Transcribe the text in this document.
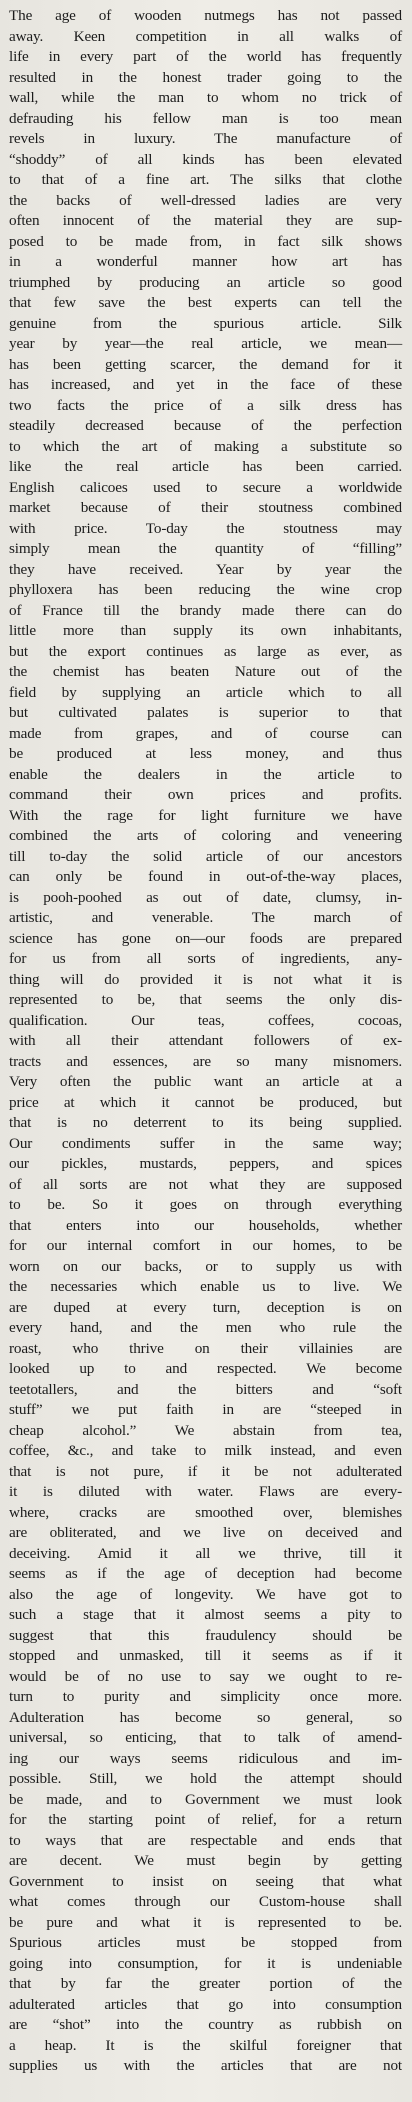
The age of wooden nutmegs has not passed
away. Keen competition in all walks of
life in every part of the world has frequently
resulted in the honest trader going to the
wall, while the man to whom no trick of
defrauding his fellow man is too mean
revels in luxury. The manufacture of
“shoddy” of all kinds has been elevated
to that of a fine art. The silks that clothe
the backs of well-dressed ladies are very
often innocent of the material they are sup-
posed to be made from, in fact silk shows
in a wonderful manner how art has
triumphed by producing an article so good
that few save the best experts can tell the
genuine from the spurious article. Silk
year by year—the real article, we mean—
has been getting scarcer, the demand for it
has increased, and yet in the face of these
two facts the price of a silk dress has
steadily decreased because of the perfection
to which the art of making a substitute so
like the real article has been carried.
English calicoes used to secure a worldwide
market because of their stoutness combined
with price. To-day the stoutness may
simply mean the quantity of “filling”
they have received. Year by year the
phylloxera has been reducing the wine crop
of France till the brandy made there can do
little more than supply its own inhabitants,
but the export continues as large as ever, as
the chemist has beaten Nature out of the
field by supplying an article which to all
but cultivated palates is superior to that
made from grapes, and of course can
be produced at less money, and thus
enable the dealers in the article to
command their own prices and profits.
With the rage for light furniture we have
combined the arts of coloring and veneering
till to-day the solid article of our ancestors
can only be found in out-of-the-way places,
is pooh-poohed as out of date, clumsy, in-
artistic, and venerable. The march of
science has gone on—our foods are prepared
for us from all sorts of ingredients, any-
thing will do provided it is not what it is
represented to be, that seems the only dis-
qualification. Our teas, coffees, cocoas,
with all their attendant followers of ex-
tracts and essences, are so many misnomers.
Very often the public want an article at a
price at which it cannot be produced, but
that is no deterrent to its being supplied.
Our condiments suffer in the same way;
our pickles, mustards, peppers, and spices
of all sorts are not what they are supposed
to be. So it goes on through everything
that enters into our households, whether
for our internal comfort in our homes, to be
worn on our backs, or to supply us with
the necessaries which enable us to live. We
are duped at every turn, deception is on
every hand, and the men who rule the
roast, who thrive on their villainies are
looked up to and respected. We become
teetotallers, and the bitters and “soft
stuff” we put faith in are “steeped in
cheap alcohol.” We abstain from tea,
coffee, &c., and take to milk instead, and even
that is not pure, if it be not adulterated
it is diluted with water. Flaws are every-
where, cracks are smoothed over, blemishes
are obliterated, and we live on deceived and
deceiving. Amid it all we thrive, till it
seems as if the age of deception had become
also the age of longevity. We have got to
such a stage that it almost seems a pity to
suggest that this fraudulency should be
stopped and unmasked, till it seems as if it
would be of no use to say we ought to re-
turn to purity and simplicity once more.
Adulteration has become so general, so
universal, so enticing, that to talk of amend-
ing our ways seems ridiculous and im-
possible. Still, we hold the attempt should
be made, and to Government we must look
for the starting point of relief, for a return
to ways that are respectable and ends that
are decent. We must begin by getting
Government to insist on seeing that what
what comes through our Custom-house shall
be pure and what it is represented to be.
Spurious articles must be stopped from
going into consumption, for it is undeniable
that by far the greater portion of the
adulterated articles that go into consumption
are “shot” into the country as rubbish on
a heap. It is the skilful foreigner that
supplies us with the articles that are not
